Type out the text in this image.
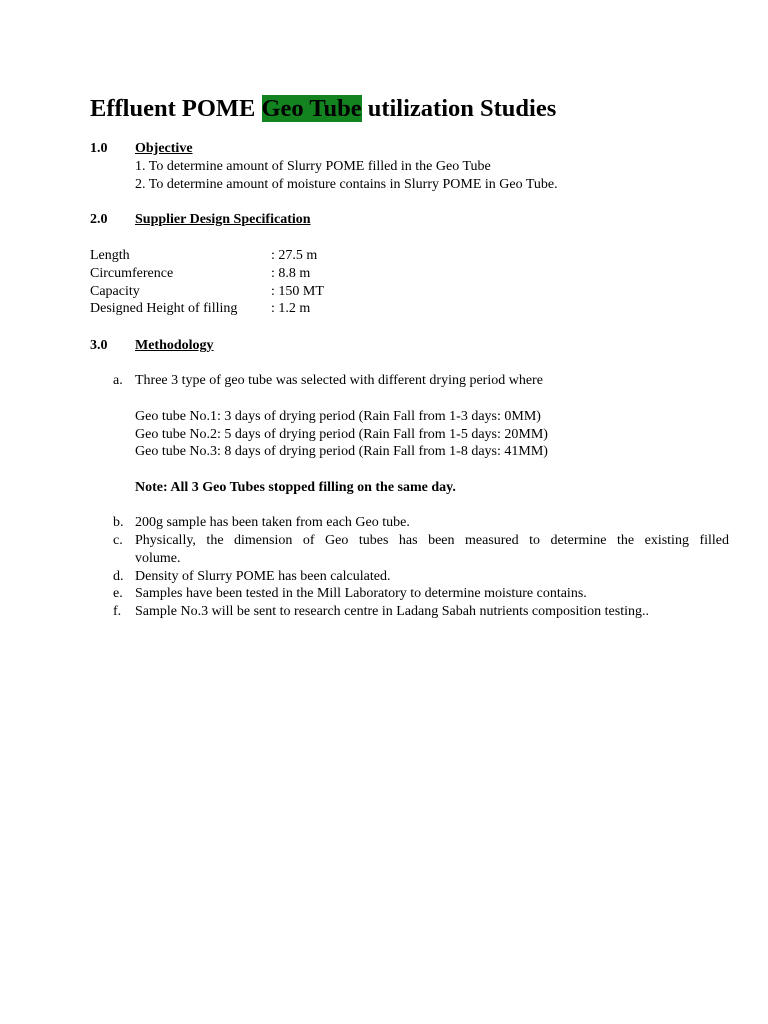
Effluent POME Geo Tube utilization Studies
1.0 Objective
1. To determine amount of Slurry POME filled in the Geo Tube
2. To determine amount of moisture contains in Slurry POME in Geo Tube.
2.0 Supplier Design Specification
Length	: 27.5 m
Circumference	: 8.8 m
Capacity	: 150 MT
Designed Height of filling : 1.2 m
3.0 Methodology
a. Three 3 type of geo tube was selected with different drying period where
Geo tube No.1: 3 days of drying period (Rain Fall from 1-3 days: 0MM)
Geo tube No.2: 5 days of drying period (Rain Fall from 1-5 days: 20MM)
Geo tube No.3: 8 days of drying period (Rain Fall from 1-8 days: 41MM)
Note: All 3 Geo Tubes stopped filling on the same day.
b. 200g sample has been taken from each Geo tube.
c. Physically, the dimension of Geo tubes has been measured to determine the existing filled
volume.
d. Density of Slurry POME has been calculated.
e. Samples have been tested in the Mill Laboratory to determine moisture contains.
f. Sample No.3 will be sent to research centre in Ladang Sabah nutrients composition testing..
